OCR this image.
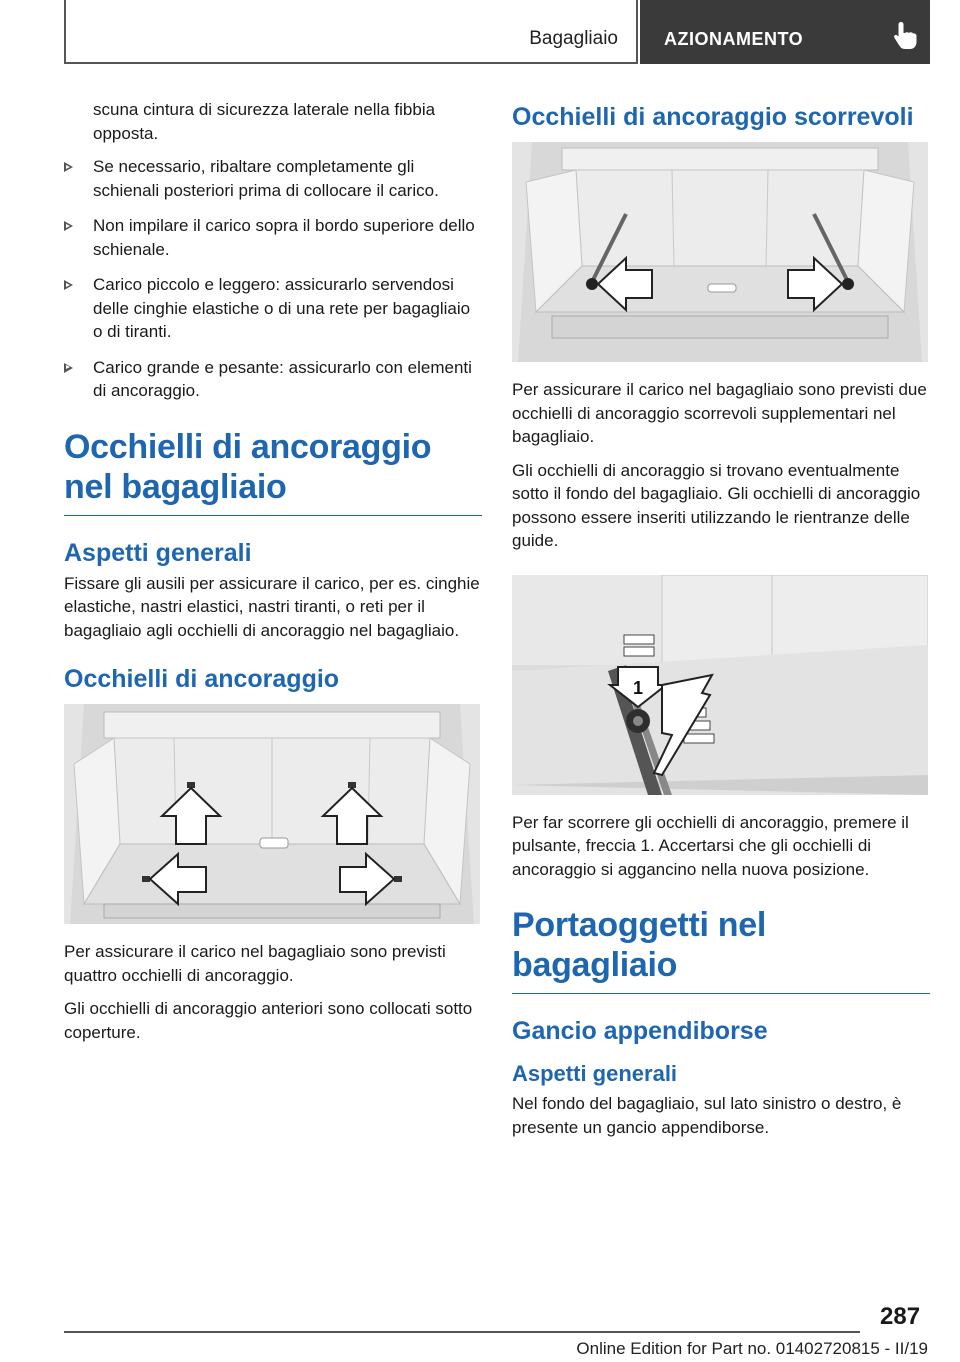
Bagagliaio	AZIONAMENTO

scuna cintura di sicurezza laterale nella fibbia opposta.

Se necessario, ribaltare completamente gli schienali posteriori prima di collocare il carico.
Non impilare il carico sopra il bordo superiore dello schienale.
Carico piccolo e leggero: assicurarlo servendosi delle cinghie elastiche o di una rete per bagagliaio o di tiranti.
Carico grande e pesante: assicurarlo con elementi di ancoraggio.
Occhielli di ancoraggio nel bagagliaio
Aspetti generali

Fissare gli ausili per assicurare il carico, per es. cinghie elastiche, nastri elastici, nastri tiranti, o reti per il bagagliaio agli occhielli di ancoraggio nel bagagliaio.

Occhielli di ancoraggio

Per assicurare il carico nel bagagliaio sono previsti quattro occhielli di ancoraggio.

Gli occhielli di ancoraggio anteriori sono collocati sotto coperture.

Occhielli di ancoraggio scorrevoli

Per assicurare il carico nel bagagliaio sono previsti due occhielli di ancoraggio scorrevoli supplementari nel bagagliaio.

Gli occhielli di ancoraggio si trovano eventualmente sotto il fondo del bagagliaio. Gli occhielli di ancoraggio possono essere inseriti utilizzando le rientranze delle guide.

1

Per far scorrere gli occhielli di ancoraggio, premere il pulsante, freccia 1. Accertarsi che gli occhielli di ancoraggio si aggancino nella nuova posizione.

Portaoggetti nel bagagliaio
Gancio appendiborse
Aspetti generali

Nel fondo del bagagliaio, sul lato sinistro o destro, è presente un gancio appendiborse.

287
Online Edition for Part no. 01402720815 - II/19
